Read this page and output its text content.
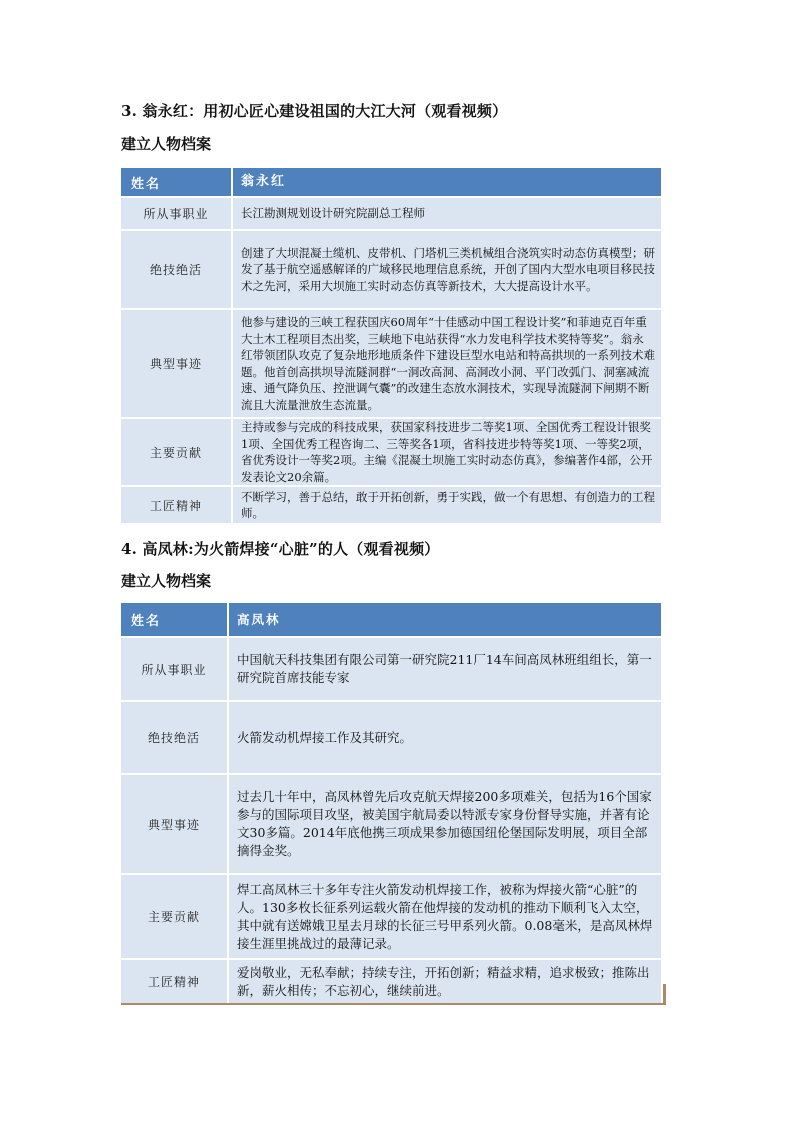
3. 翁永红：用初心匠心建设祖国的大江大河（观看视频）
建立人物档案
姓名	翁永红
所从事职业	长江勘测规划设计研究院副总工程师
绝技绝活	创建了大坝混凝土缆机、皮带机、门塔机三类机械组合浇筑实时动态仿真模型；研发了基于航空遥感解译的广域移民地理信息系统，开创了国内大型水电项目移民技术之先河，采用大坝施工实时动态仿真等新技术，大大提高设计水平。
典型事迹	他参与建设的三峡工程获国庆60周年“十佳感动中国工程设计奖”和菲迪克百年重大土木工程项目杰出奖，三峡地下电站获得“水力发电科学技术奖特等奖”。翁永红带领团队攻克了复杂地形地质条件下建设巨型水电站和特高拱坝的一系列技术难题。他首创高拱坝导流隧洞群“一洞改高洞、高洞改小洞、平门改弧门、洞塞减流速、通气降负压、控泄调气囊”的改建生态放水洞技术，实现导流隧洞下闸期不断流且大流量泄放生态流量。
主要贡献	主持或参与完成的科技成果，获国家科技进步二等奖1项、全国优秀工程设计银奖1项、全国优秀工程咨询二、三等奖各1项，省科技进步特等奖1项、一等奖2项，省优秀设计一等奖2项。主编《混凝土坝施工实时动态仿真》，参编著作4部，公开发表论文20余篇。
工匠精神	不断学习，善于总结，敢于开拓创新，勇于实践，做一个有思想、有创造力的工程师。
4. 高凤林:为火箭焊接“心脏”的人（观看视频）
建立人物档案
姓名	高凤林
所从事职业	中国航天科技集团有限公司第一研究院211厂14车间高凤林班组组长，第一研究院首席技能专家
绝技绝活	火箭发动机焊接工作及其研究。
典型事迹	过去几十年中，高凤林曾先后攻克航天焊接200多项难关，包括为16个国家参与的国际项目攻坚，被美国宇航局委以特派专家身份督导实施，并著有论文30多篇。2014年底他携三项成果参加德国纽伦堡国际发明展，项目全部摘得金奖。
主要贡献	焊工高凤林三十多年专注火箭发动机焊接工作，被称为焊接火箭“心脏”的人。130多枚长征系列运载火箭在他焊接的发动机的推动下顺利飞入太空，其中就有送嫦娥卫星去月球的长征三号甲系列火箭。0.08毫米，是高凤林焊接生涯里挑战过的最薄记录。
工匠精神	爱岗敬业，无私奉献；持续专注，开拓创新；精益求精，追求极致；推陈出新，薪火相传；不忘初心，继续前进。
